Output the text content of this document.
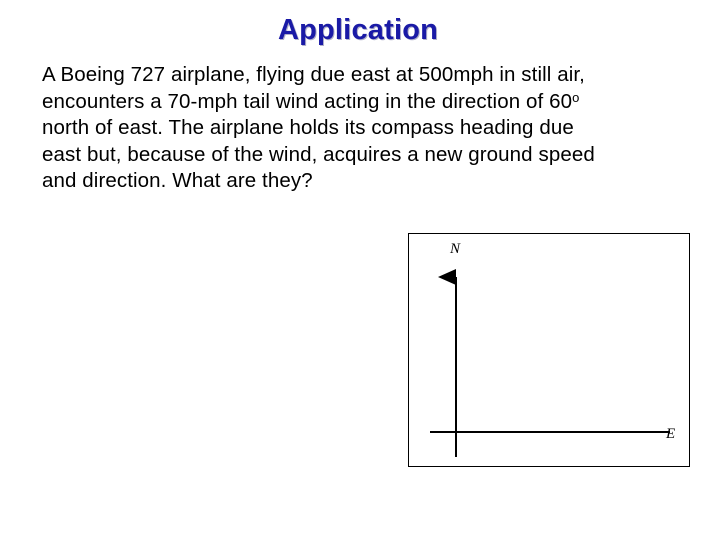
Application
A Boeing 727 airplane, flying due east at 500mph in still air,
encounters a 70-mph tail wind acting in the direction of 60$^o$
north of east. The airplane holds its compass heading due
east but, because of the wind, acquires a new ground speed
and direction. What are they?
N
E
